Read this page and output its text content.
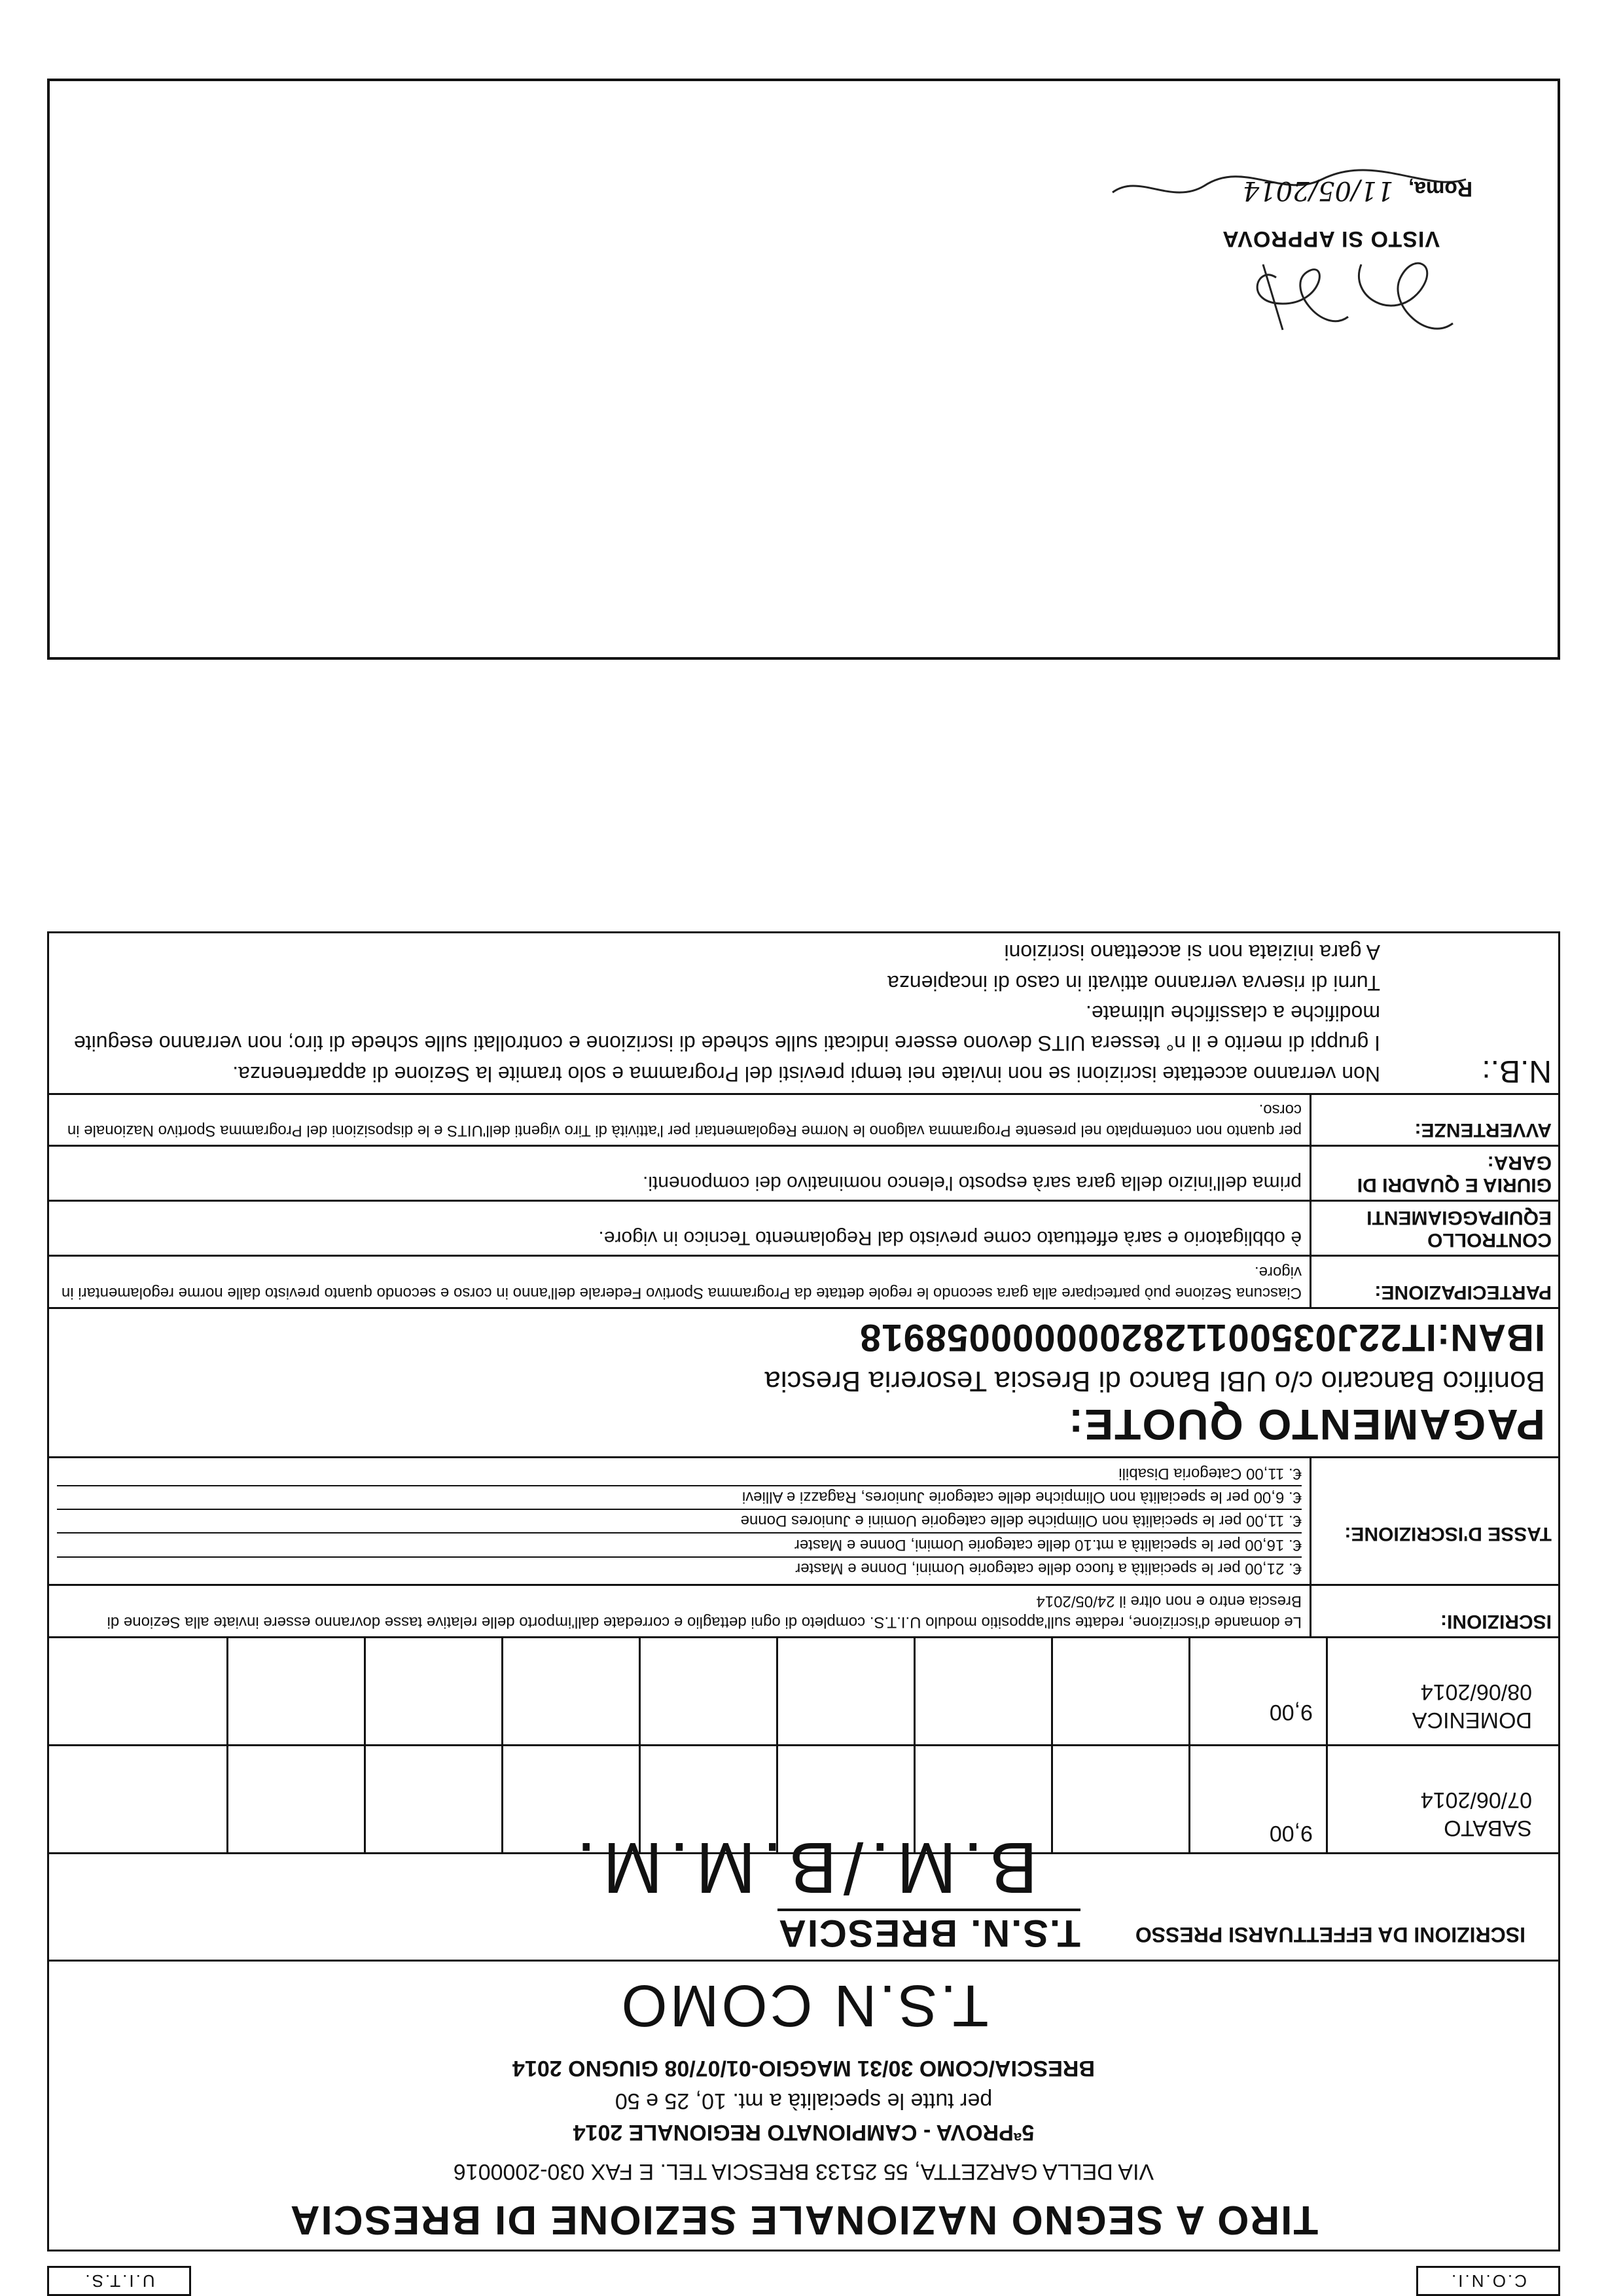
C.O.N.I.
U.I.T.S.
TIRO A SEGNO NAZIONALE SEZIONE DI BRESCIA
VIA DELLA GARZETTA, 55 25133 BRESCIA TEL. E FAX 030-2000016
5ªPROVA - CAMPIONATO REGIONALE 2014
per tutte le specialità a mt. 10, 25 e 50
BRESCIA/COMO 30/31 MAGGIO-01/07/08 GIUGNO 2014
T.S.N COMO
ISCRIZIONI DA EFFETTUARSI PRESSO
T.S.N. BRESCIA
B.M./B.M.M.	SABATO
07/06/2014
9,00
DOMENICA
08/06/2014
9,00
ISCRIZIONI:
Le domande d'iscrizione, redatte sull'appositio modulo U.I.T.S. completo di ogni dettaglio e corredate dall'importo delle relative tasse dovranno essere inviate alla Sezione di Brescia entro e non oltre il 24/05/2014
TASSE D'ISCRIZIONE:
€. 21,00 per le specialità a fuoco delle categorie Uomini, Donne e Master
€. 16,00 per le specialità a mt.10 delle categorie Uomini, Donne e Master
€. 11,00 per le specialità non Olimpiche delle categorie Uomini e Juniores Donne
€. 6,00 per le specialità non Olimpiche delle categorie Juniores, Ragazzi e Allievi
€. 11,00 Categoria Disabili
PAGAMENTO QUOTE:
Bonifico Bancario c/o UBI Banco di Brescia Tesoreria Brescia
IBAN:IT22J0350011282000000058918
PARTECIPAZIONE:
Ciascuna Sezione può partecipare alla gara secondo le regole dettate da Programma Sportivo Federale dell'anno in corso e secondo quanto previsto dalle norme regolamentari in vigore.
CONTROLLO EQUIPAGGIAMENTI
è obbligatorio e sarà effettuato come previsto dal Regolamento Tecnico in vigore.
GIURIA E QUADRI DI GARA:
prima dell'inizio della gara sarà esposto l'elenco nominativo dei componenti.
AVVERTENZE:
per quanto non contemplato nel presente Programma valgono le Norme Regolamentari per l'attività di Tiro vigenti dell'UITS e le disposizioni del Programma Sportivo Nazionale in corso.
N.B.:
Non verranno accettate iscrizioni se non inviate nei tempi previsti del Programma e solo tramite la Sezione di appartenenza.
I gruppi di merito e il n° tessera UITS devono essere indicati sulle schede di iscrizione e controllati sulle schede di tiro; non verranno eseguite modifiche a classifiche ultimate.
Turni di riserva verranno attivati in caso di incapienza
A gara iniziata non si accettano iscrizioni
VISTO SI APPROVA
Roma, 11/05/2014
